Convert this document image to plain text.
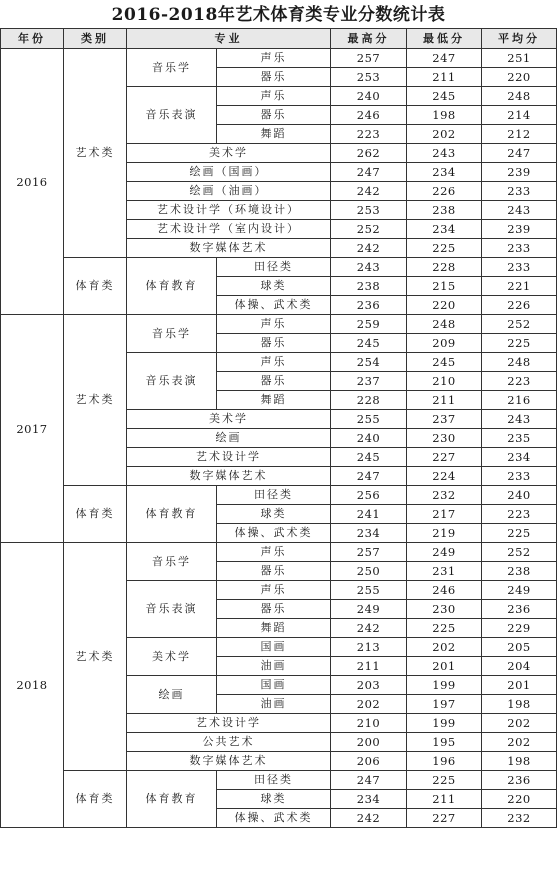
2016-2018年艺术体育类专业分数统计表
年份	类别	专业		最高分	最低分	平均分
2016	艺术类	音乐学	声乐	257	247	251
			器乐	253	211	220
		音乐表演	声乐	240	245	248
			器乐	246	198	214
			舞蹈	223	202	212
		美术学		262	243	247
		绘画（国画）		247	234	239
		绘画（油画）		242	226	233
		艺术设计学（环境设计）		253	238	243
		艺术设计学（室内设计）		252	234	239
		数字媒体艺术		242	225	233
	体育类	体育教育	田径类	243	228	233
			球类	238	215	221
			体操、武术类	236	220	226
2017	艺术类	音乐学	声乐	259	248	252
			器乐	245	209	225
		音乐表演	声乐	254	245	248
			器乐	237	210	223
			舞蹈	228	211	216
		美术学		255	237	243
		绘画		240	230	235
		艺术设计学		245	227	234
		数字媒体艺术		247	224	233
	体育类	体育教育	田径类	256	232	240
			球类	241	217	223
			体操、武术类	234	219	225
2018	艺术类	音乐学	声乐	257	249	252
			器乐	250	231	238
		音乐表演	声乐	255	246	249
			器乐	249	230	236
			舞蹈	242	225	229
		美术学	国画	213	202	205
			油画	211	201	204
		绘画	国画	203	199	201
			油画	202	197	198
		艺术设计学		210	199	202
		公共艺术		200	195	202
		数字媒体艺术		206	196	198
	体育类	体育教育	田径类	247	225	236
			球类	234	211	220
			体操、武术类	242	227	232
